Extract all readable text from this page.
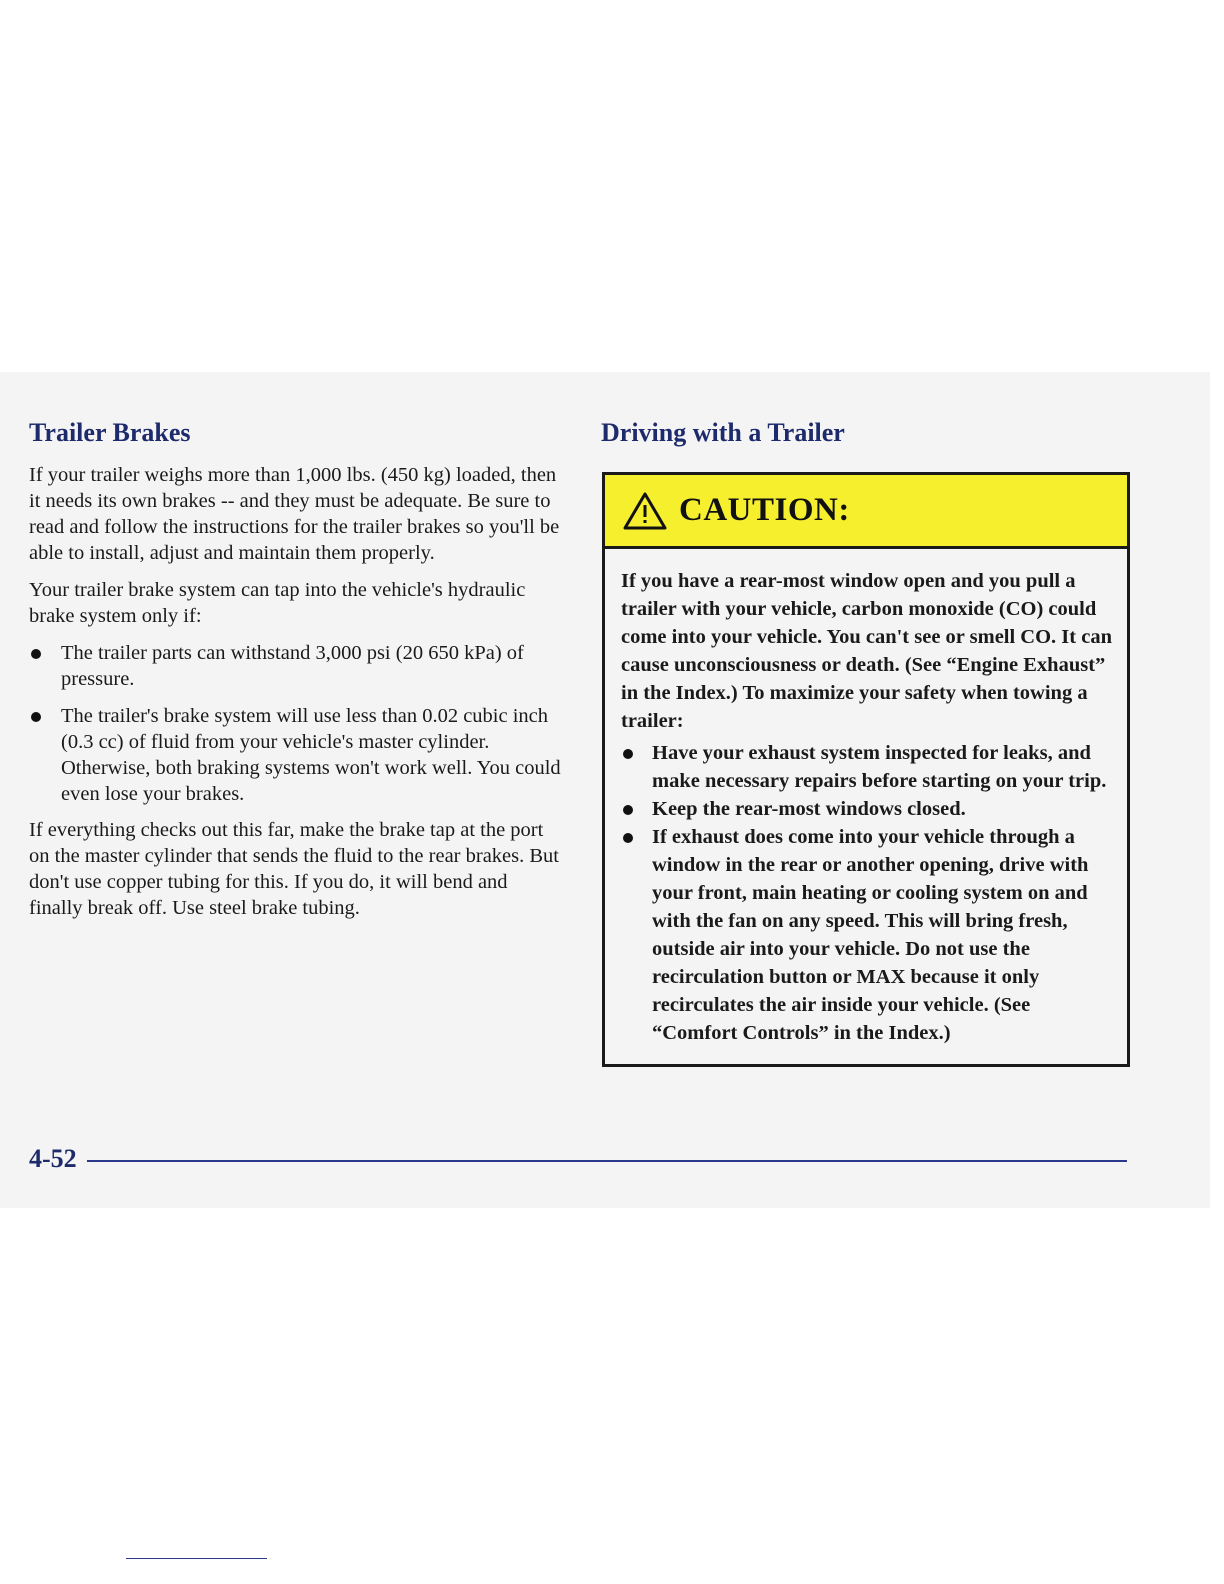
Trailer Brakes

If your trailer weighs more than 1,000 lbs. (450 kg) loaded, then it needs its own brakes -- and they must be adequate. Be sure to read and follow the instructions for the trailer brakes so you'll be able to install, adjust and maintain them properly.

Your trailer brake system can tap into the vehicle's hydraulic brake system only if:

The trailer parts can withstand 3,000 psi (20 650 kPa) of pressure.
The trailer's brake system will use less than 0.02 cubic inch (0.3 cc) of fluid from your vehicle's master cylinder. Otherwise, both braking systems won't work well. You could even lose your brakes.

If everything checks out this far, make the brake tap at the port on the master cylinder that sends the fluid to the rear brakes. But don't use copper tubing for this. If you do, it will bend and finally break off. Use steel brake tubing.

Driving with a Trailer
CAUTION:

If you have a rear-most window open and you pull a trailer with your vehicle, carbon monoxide (CO) could come into your vehicle. You can't see or smell CO. It can cause unconsciousness or death. (See “Engine Exhaust” in the Index.) To maximize your safety when towing a trailer:

Have your exhaust system inspected for leaks, and make necessary repairs before starting on your trip.
Keep the rear-most windows closed.
If exhaust does come into your vehicle through a window in the rear or another opening, drive with your front, main heating or cooling system on and with the fan on any speed. This will bring fresh, outside air into your vehicle. Do not use the recirculation button or MAX because it only recirculates the air inside your vehicle. (See “Comfort Controls” in the Index.)
4-52
